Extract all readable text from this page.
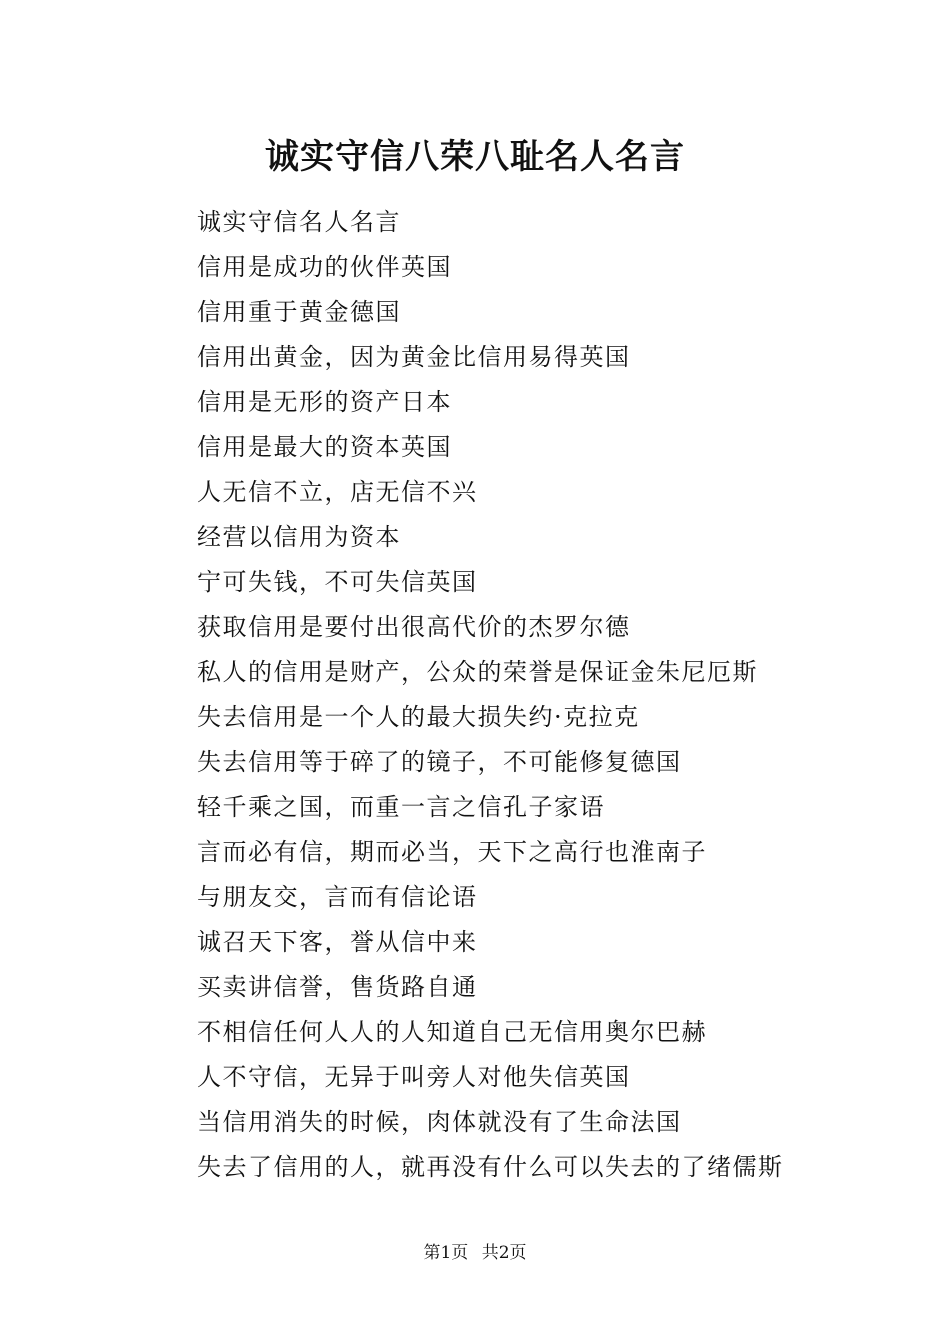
诚实守信八荣八耻名人名言
诚实守信名人名言
信用是成功的伙伴英国
信用重于黄金德国
信用出黄金，因为黄金比信用易得英国
信用是无形的资产日本
信用是最大的资本英国
人无信不立，店无信不兴
经营以信用为资本
宁可失钱，不可失信英国
获取信用是要付出很高代价的杰罗尔德
私人的信用是财产，公众的荣誉是保证金朱尼厄斯
失去信用是一个人的最大损失约·克拉克
失去信用等于碎了的镜子，不可能修复德国
轻千乘之国，而重一言之信孔子家语
言而必有信，期而必当，天下之高行也淮南子
与朋友交，言而有信论语
诚召天下客，誉从信中来
买卖讲信誉，售货路自通
不相信任何人人的人知道自己无信用奥尔巴赫
人不守信，无异于叫旁人对他失信英国
当信用消失的时候，肉体就没有了生命法国
失去了信用的人，就再没有什么可以失去的了绪儒斯
第1页 共2页
